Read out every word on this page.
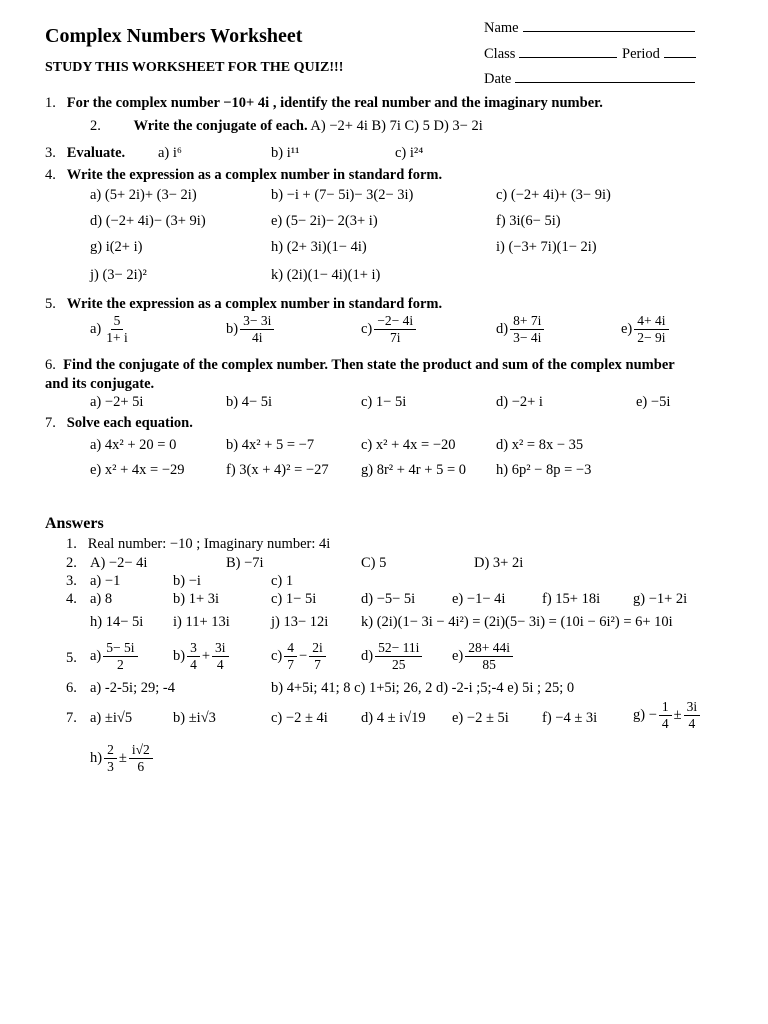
Complex Numbers Worksheet
STUDY THIS WORKSHEET FOR THE QUIZ!!!
Name
Class	Period
Date
1. For the complex number −10+ 4i , identify the real number and the imaginary number.
2. Write the conjugate of each. A) −2+ 4i B) 7i C) 5 D) 3− 2i
3. Evaluate. a) i⁶	b) i¹¹	c) i²⁴
4. Write the expression as a complex number in standard form.
a) (5+ 2i)+ (3− 2i)	b) −i + (7− 5i)− 3(2− 3i)	c) (−2+ 4i)+ (3− 9i)
d) (−2+ 4i)− (3+ 9i)	e) (5− 2i)− 2(3+ i)	f) 3i(6− 5i)
g) i(2+ i)	h) (2+ 3i)(1− 4i)	i) (−3+ 7i)(1− 2i)
j) (3− 2i)²	k) (2i)(1− 4i)(1+ i)
5. Write the expression as a complex number in standard form.
$a) \frac{5}{1+ i}$	$b) \frac{3- 3i}{4i}$	$c) \frac{-2- 4i}{7i}$	$d) \frac{8+ 7i}{3- 4i}$	$e) \frac{4+ 4i}{2- 9i}$
6. Find the conjugate of the complex number. Then state the product and sum of the complex number
and its conjugate.
a) −2+ 5i	b) 4− 5i	c) 1− 5i	d) −2+ i	e) −5i
7. Solve each equation.
a) 4x² + 20 = 0	b) 4x² + 5 = −7	c) x² + 4x = −20	d) x² = 8x − 35
e) x² + 4x = −29	f) 3(x + 4)² = −27 g) 8r² + 4r + 5 = 0 h) 6p² − 8p = −3
Answers
1. Real number: −10 ; Imaginary number: 4i
2. A) −2− 4i	B) −7i	C) 5	D) 3+ 2i
3. a) −1	b) −i	c) 1
4. a) 8	b) 1+ 3i	c) 1− 5i	d) −5− 5i	e) −1− 4i	f) 15+ 18i g) −1+ 2i
h) 14− 5i i) 11+ 13i	j) 13− 12i k) (2i)(1− 3i − 4i²) = (2i)(5− 3i) = (10i − 6i²) = 6+ 10i
5. $a) \frac{5- 5i}{2} b) \frac{3}{4} + \frac{3i}{4}$	$c) \frac{4}{7} - \frac{2i}{7} d) \frac{52- 11i}{25} e) \frac{28+ 44i}{85}$
6. a) -2-5i; 29; -4	b) 4+5i; 41; 8 c) 1+5i; 26, 2 d) -2-i ;5;-4 e) 5i ; 25; 0
7. a) ±i√5	b) ±i√3	c) −2 ± 4i d) 4 ± i√19 e) −2 ± 5i f) −4 ± 3i $g) - \frac{1}{4} \pm \frac{3i}{4}$
$h) \frac{2}{3} \pm \frac{i√2}{6}$
